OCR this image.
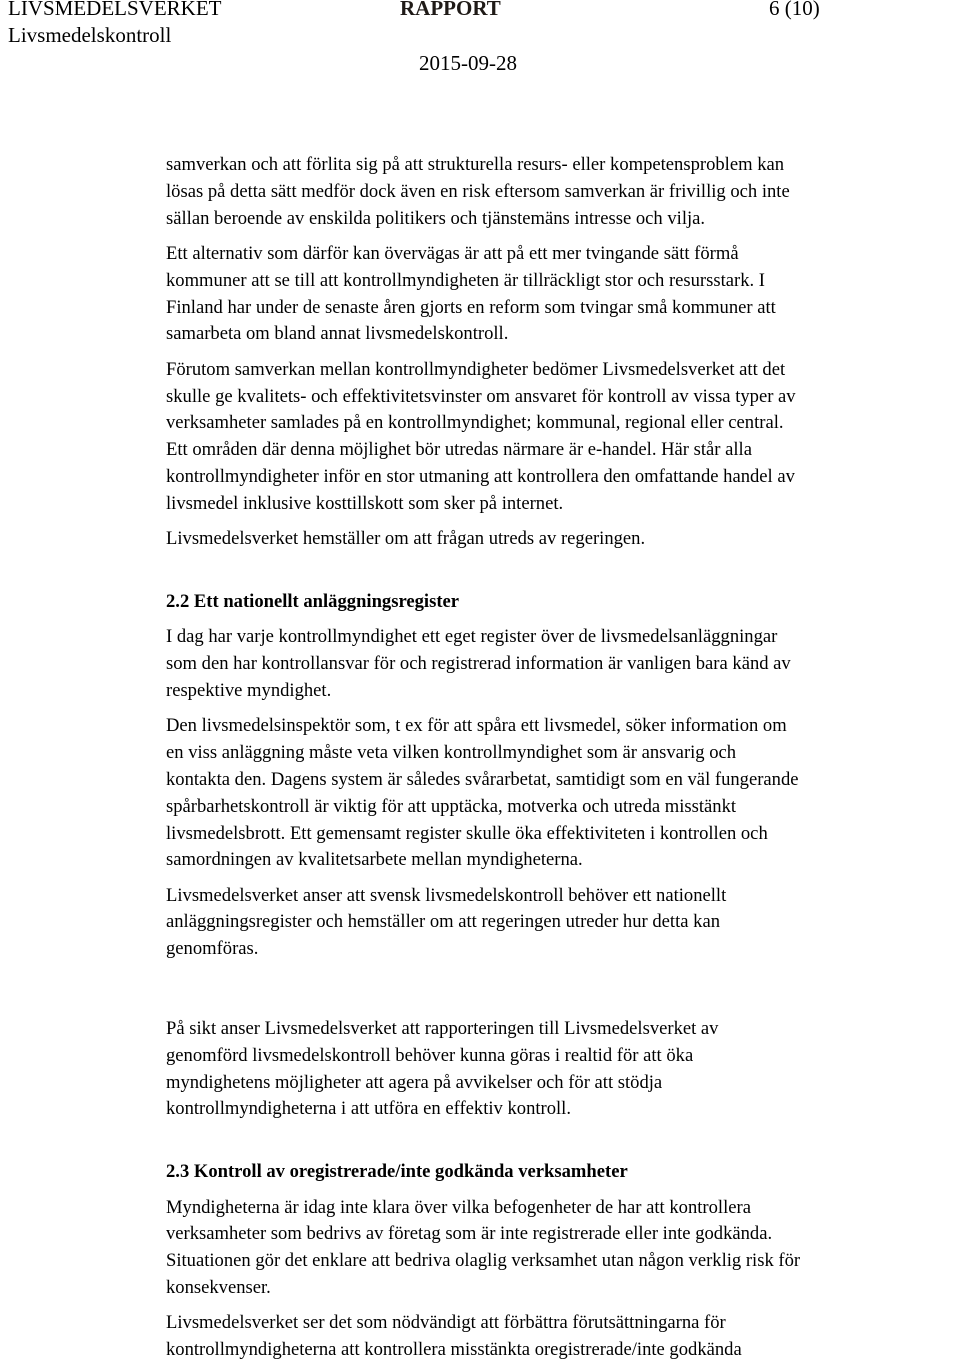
LIVSMEDELSVERKET	RAPPORT	6 (10)
Livsmedelskontroll
2015-09-28

samverkan och att förlita sig på att strukturella resurs- eller kompetensproblem kan
lösas på detta sätt medför dock även en risk eftersom samverkan är frivillig och inte
sällan beroende av enskilda politikers och tjänstemäns intresse och vilja.

Ett alternativ som därför kan övervägas är att på ett mer tvingande sätt förmå
kommuner att se till att kontrollmyndigheten är tillräckligt stor och resursstark. I
Finland har under de senaste åren gjorts en reform som tvingar små kommuner att
samarbeta om bland annat livsmedelskontroll.

Förutom samverkan mellan kontrollmyndigheter bedömer Livsmedelsverket att det
skulle ge kvalitets- och effektivitetsvinster om ansvaret för kontroll av vissa typer av
verksamheter samlades på en kontrollmyndighet; kommunal, regional eller central.
Ett områden där denna möjlighet bör utredas närmare är e-handel. Här står alla
kontrollmyndigheter inför en stor utmaning att kontrollera den omfattande handel av
livsmedel inklusive kosttillskott som sker på internet.

Livsmedelsverket hemställer om att frågan utreds av regeringen.

2.2 Ett nationellt anläggningsregister

I dag har varje kontrollmyndighet ett eget register över de livsmedelsanläggningar
som den har kontrollansvar för och registrerad information är vanligen bara känd av
respektive myndighet.

Den livsmedelsinspektör som, t ex för att spåra ett livsmedel, söker information om
en viss anläggning måste veta vilken kontrollmyndighet som är ansvarig och
kontakta den. Dagens system är således svårarbetat, samtidigt som en väl fungerande
spårbarhetskontroll är viktig för att upptäcka, motverka och utreda misstänkt
livsmedelsbrott. Ett gemensamt register skulle öka effektiviteten i kontrollen och
samordningen av kvalitetsarbete mellan myndigheterna.

Livsmedelsverket anser att svensk livsmedelskontroll behöver ett nationellt
anläggningsregister och hemställer om att regeringen utreder hur detta kan
genomföras.

På sikt anser Livsmedelsverket att rapporteringen till Livsmedelsverket av
genomförd livsmedelskontroll behöver kunna göras i realtid för att öka
myndighetens möjligheter att agera på avvikelser och för att stödja
kontrollmyndigheterna i att utföra en effektiv kontroll.

2.3 Kontroll av oregistrerade/inte godkända verksamheter

Myndigheterna är idag inte klara över vilka befogenheter de har att kontrollera
verksamheter som bedrivs av företag som är inte registrerade eller inte godkända.
Situationen gör det enklare att bedriva olaglig verksamhet utan någon verklig risk för
konsekvenser.

Livsmedelsverket ser det som nödvändigt att förbättra förutsättningarna för
kontrollmyndigheterna att kontrollera misstänkta oregistrerade/inte godkända
